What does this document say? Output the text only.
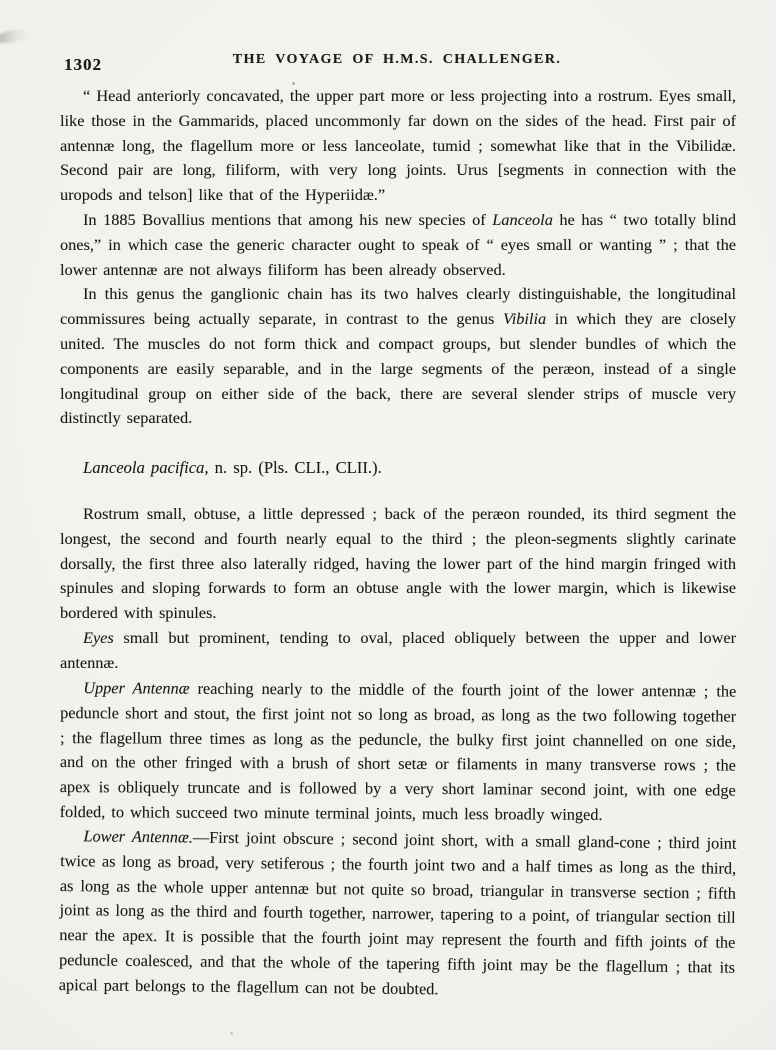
1302	THE VOYAGE OF H.M.S. CHALLENGER.

“ Head anteriorly concavated, the upper part more or less projecting into a rostrum. Eyes small, like those in the Gammarids, placed uncommonly far down on the sides of the head. First pair of antennæ long, the flagellum more or less lanceolate, tumid ; somewhat like that in the Vibilidæ. Second pair are long, filiform, with very long joints. Urus [segments in connection with the uropods and telson] like that of the Hyperiidæ.”

In 1885 Bovallius mentions that among his new species of Lanceola he has “ two totally blind ones,” in which case the generic character ought to speak of “ eyes small or wanting ” ; that the lower antennæ are not always filiform has been already observed.

In this genus the ganglionic chain has its two halves clearly distinguishable, the longitudinal commissures being actually separate, in contrast to the genus Vibilia in which they are closely united. The muscles do not form thick and compact groups, but slender bundles of which the components are easily separable, and in the large segments of the peræon, instead of a single longitudinal group on either side of the back, there are several slender strips of muscle very distinctly separated.

Lanceola pacifica, n. sp. (Pls. CLI., CLII.).

Rostrum small, obtuse, a little depressed ; back of the peræon rounded, its third segment the longest, the second and fourth nearly equal to the third ; the pleon-segments slightly carinate dorsally, the first three also laterally ridged, having the lower part of the hind margin fringed with spinules and sloping forwards to form an obtuse angle with the lower margin, which is likewise bordered with spinules.

Eyes small but prominent, tending to oval, placed obliquely between the upper and lower antennæ.

Upper Antennæ reaching nearly to the middle of the fourth joint of the lower antennæ ; the peduncle short and stout, the first joint not so long as broad, as long as the two following together ; the flagellum three times as long as the peduncle, the bulky first joint channelled on one side, and on the other fringed with a brush of short setæ or filaments in many transverse rows ; the apex is obliquely truncate and is followed by a very short laminar second joint, with one edge folded, to which succeed two minute terminal joints, much less broadly winged.

Lower Antennæ.—First joint obscure ; second joint short, with a small gland-cone ; third joint twice as long as broad, very setiferous ; the fourth joint two and a half times as long as the third, as long as the whole upper antennæ but not quite so broad, triangular in transverse section ; fifth joint as long as the third and fourth together, narrower, tapering to a point, of triangular section till near the apex. It is possible that the fourth joint may represent the fourth and fifth joints of the peduncle coalesced, and that the whole of the tapering fifth joint may be the flagellum ; that its apical part belongs to the flagellum can not be doubted.
